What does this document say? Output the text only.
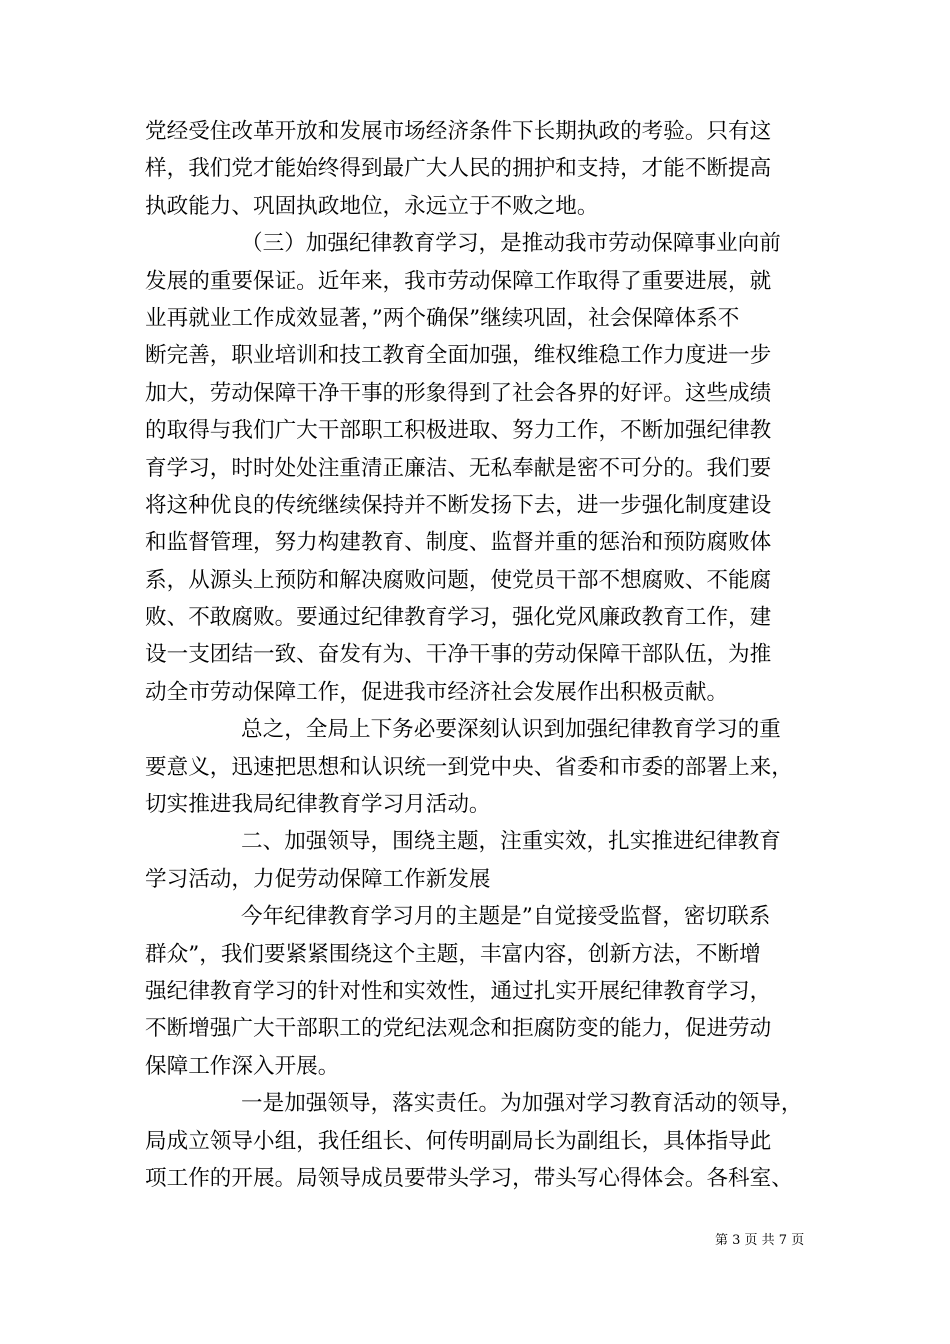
党经受住改革开放和发展市场经济条件下长期执政的考验。只有这
样，我们党才能始终得到最广大人民的拥护和支持，才能不断提高
执政能力、巩固执政地位，永远立于不败之地。
（三）加强纪律教育学习，是推动我市劳动保障事业向前
发展的重要保证。近年来，我市劳动保障工作取得了重要进展，就
业再就业工作成效显著，”两个确保”继续巩固，社会保障体系不
断完善，职业培训和技工教育全面加强，维权维稳工作力度进一步
加大，劳动保障干净干事的形象得到了社会各界的好评。这些成绩
的取得与我们广大干部职工积极进取、努力工作，不断加强纪律教
育学习，时时处处注重清正廉洁、无私奉献是密不可分的。我们要
将这种优良的传统继续保持并不断发扬下去，进一步强化制度建设
和监督管理，努力构建教育、制度、监督并重的惩治和预防腐败体
系，从源头上预防和解决腐败问题，使党员干部不想腐败、不能腐
败、不敢腐败。要通过纪律教育学习，强化党风廉政教育工作，建
设一支团结一致、奋发有为、干净干事的劳动保障干部队伍，为推
动全市劳动保障工作，促进我市经济社会发展作出积极贡献。
总之，全局上下务必要深刻认识到加强纪律教育学习的重
要意义，迅速把思想和认识统一到党中央、省委和市委的部署上来，
切实推进我局纪律教育学习月活动。
二、加强领导，围绕主题，注重实效，扎实推进纪律教育
学习活动，力促劳动保障工作新发展
今年纪律教育学习月的主题是”自觉接受监督，密切联系
群众”，我们要紧紧围绕这个主题，丰富内容，创新方法，不断增
强纪律教育学习的针对性和实效性，通过扎实开展纪律教育学习，
不断增强广大干部职工的党纪法观念和拒腐防变的能力，促进劳动
保障工作深入开展。
一是加强领导，落实责任。为加强对学习教育活动的领导，
局成立领导小组，我任组长、何传明副局长为副组长，具体指导此
项工作的开展。局领导成员要带头学习，带头写心得体会。各科室、
第 3 页 共 7 页
